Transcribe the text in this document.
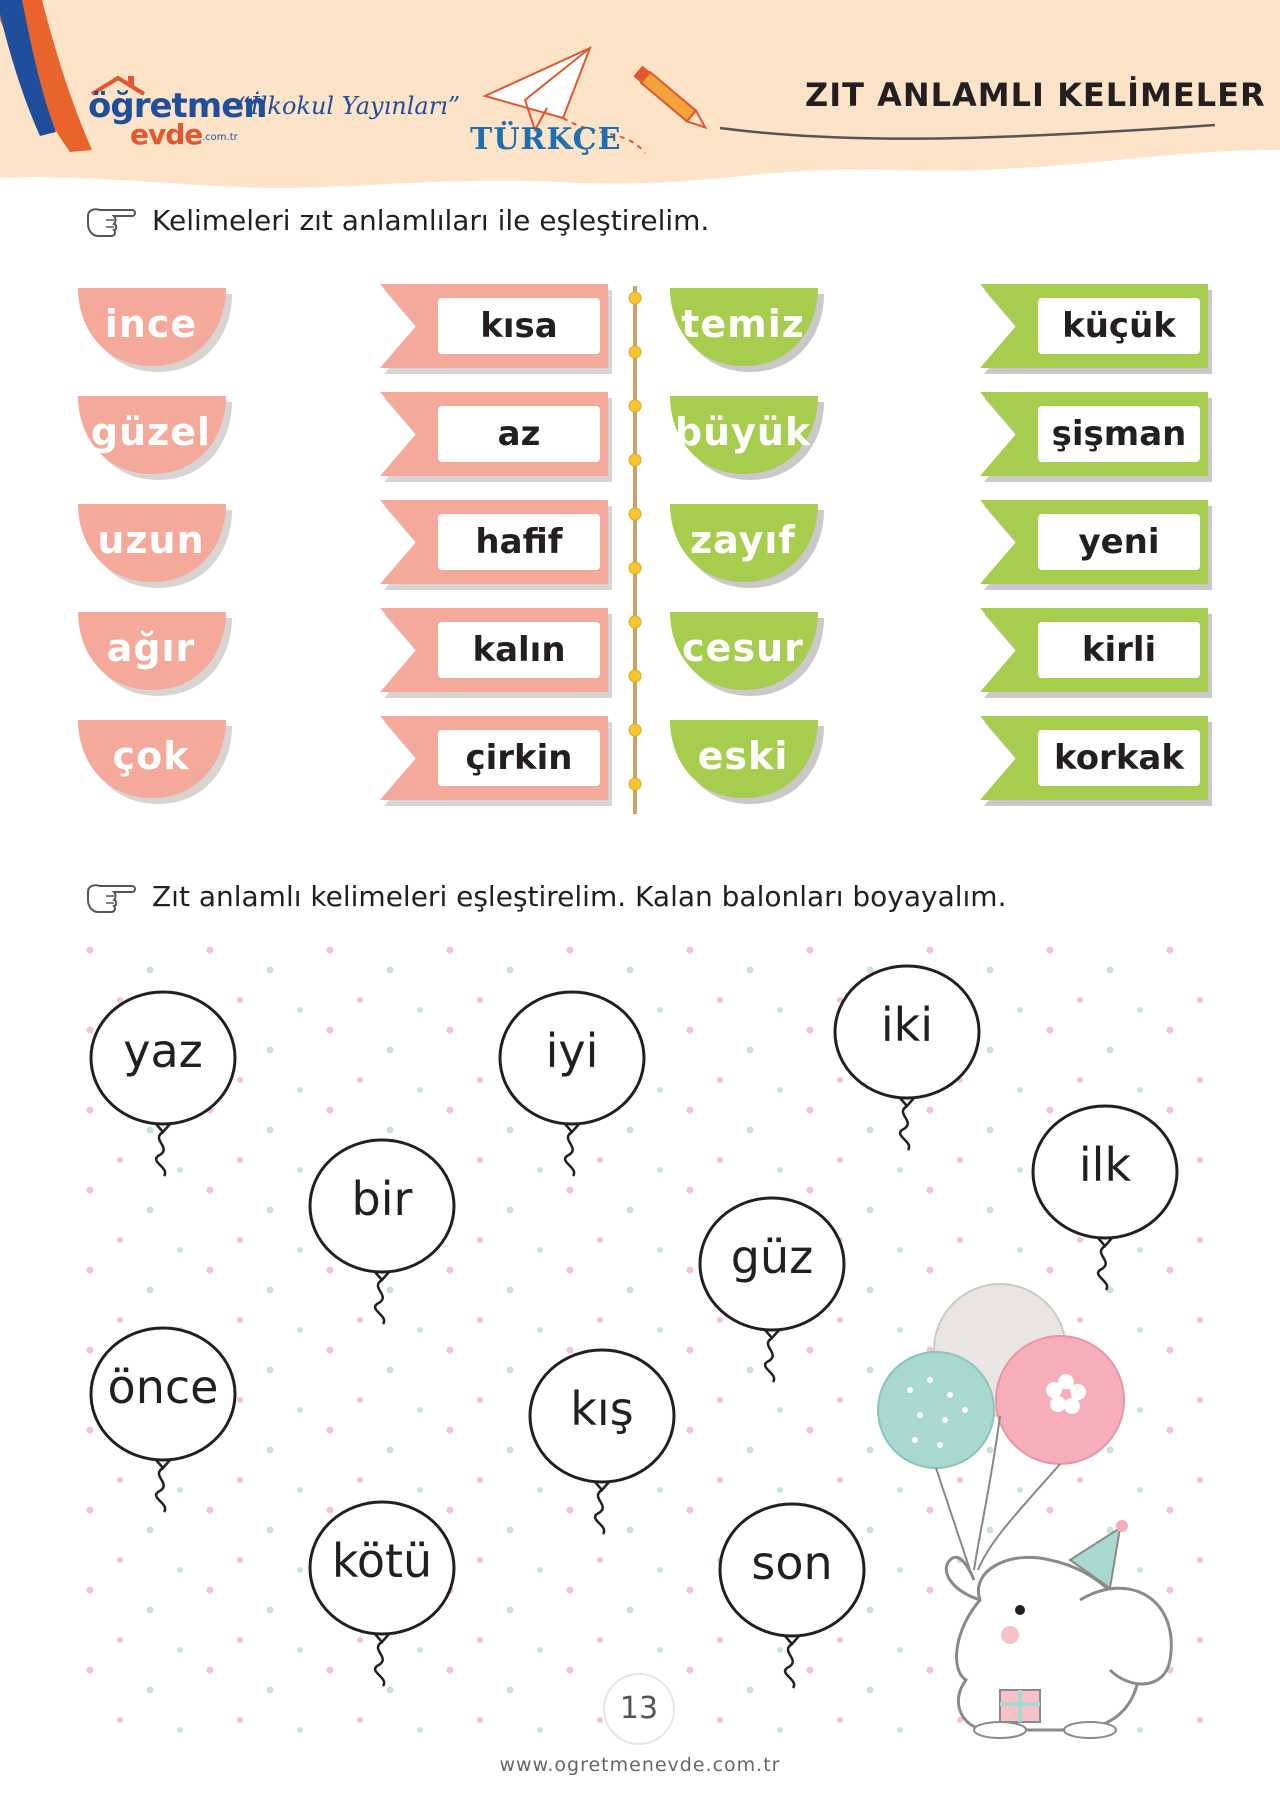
öğretmen
evde .com.tr
“İlkokul Yayınları”
TÜRKÇE
ZIT ANLAMLI KELİMELER
Kelimeleri zıt anlamlıları ile eşleştirelim.
ince
güzel
uzun
ağır
çok
kısa
az
hafif
kalın
çirkin
temiz
büyük
zayıf
cesur
eski
küçük
şişman
yeni
kirli
korkak
Zıt anlamlı kelimeleri eşleştirelim. Kalan balonları boyayalım.
yaz	iyi	iki
bir
ilk
güz
önce	kış
kötü	son
13
www.ogretmenevde.com.tr
